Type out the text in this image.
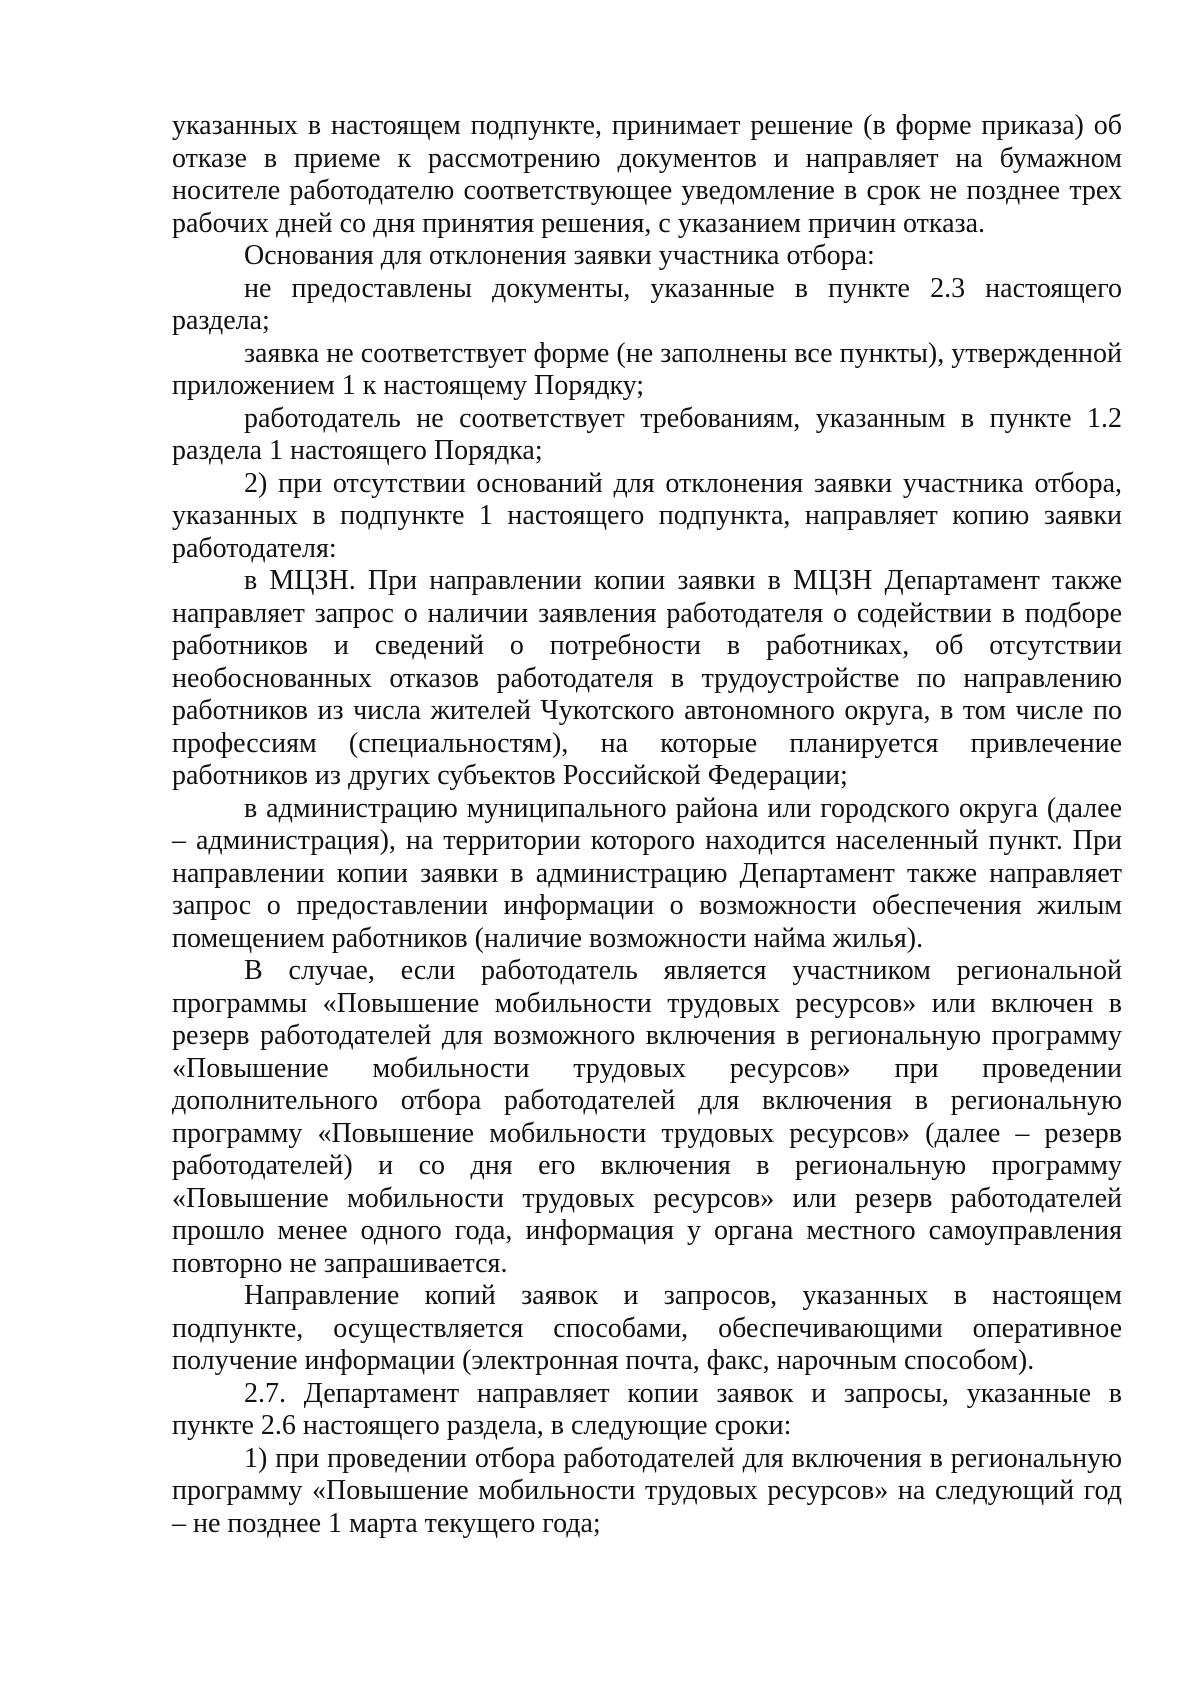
указанных в настоящем подпункте, принимает решение (в форме приказа) об отказе в приеме к рассмотрению документов и направляет на бумажном носителе работодателю соответствующее уведомление в срок не позднее трех рабочих дней со дня принятия решения, с указанием причин отказа.

Основания для отклонения заявки участника отбора:

не предоставлены документы, указанные в пункте 2.3 настоящего раздела;

заявка не соответствует форме (не заполнены все пункты), утвержденной приложением 1 к настоящему Порядку;

работодатель не соответствует требованиям, указанным в пункте 1.2 раздела 1 настоящего Порядка;

2) при отсутствии оснований для отклонения заявки участника отбора, указанных в подпункте 1 настоящего подпункта, направляет копию заявки работодателя:

в МЦЗН. При направлении копии заявки в МЦЗН Департамент также направляет запрос о наличии заявления работодателя о содействии в подборе работников и сведений о потребности в работниках, об отсутствии необоснованных отказов работодателя в трудоустройстве по направлению работников из числа жителей Чукотского автономного округа, в том числе по профессиям (специальностям), на которые планируется привлечение работников из других субъектов Российской Федерации;

в администрацию муниципального района или городского округа (далее – администрация), на территории которого находится населенный пункт. При направлении копии заявки в администрацию Департамент также направляет запрос о предоставлении информации о возможности обеспечения жилым помещением работников (наличие возможности найма жилья).

В случае, если работодатель является участником региональной программы «Повышение мобильности трудовых ресурсов» или включен в резерв работодателей для возможного включения в региональную программу «Повышение мобильности трудовых ресурсов» при проведении дополнительного отбора работодателей для включения в региональную программу «Повышение мобильности трудовых ресурсов» (далее – резерв работодателей) и со дня его включения в региональную программу «Повышение мобильности трудовых ресурсов» или резерв работодателей прошло менее одного года, информация у органа местного самоуправления повторно не запрашивается.

Направление копий заявок и запросов, указанных в настоящем подпункте, осуществляется способами, обеспечивающими оперативное получение информации (электронная почта, факс, нарочным способом).

2.7. Департамент направляет копии заявок и запросы, указанные в пункте 2.6 настоящего раздела, в следующие сроки:

1) при проведении отбора работодателей для включения в региональную программу «Повышение мобильности трудовых ресурсов» на следующий год – не позднее 1 марта текущего года;
